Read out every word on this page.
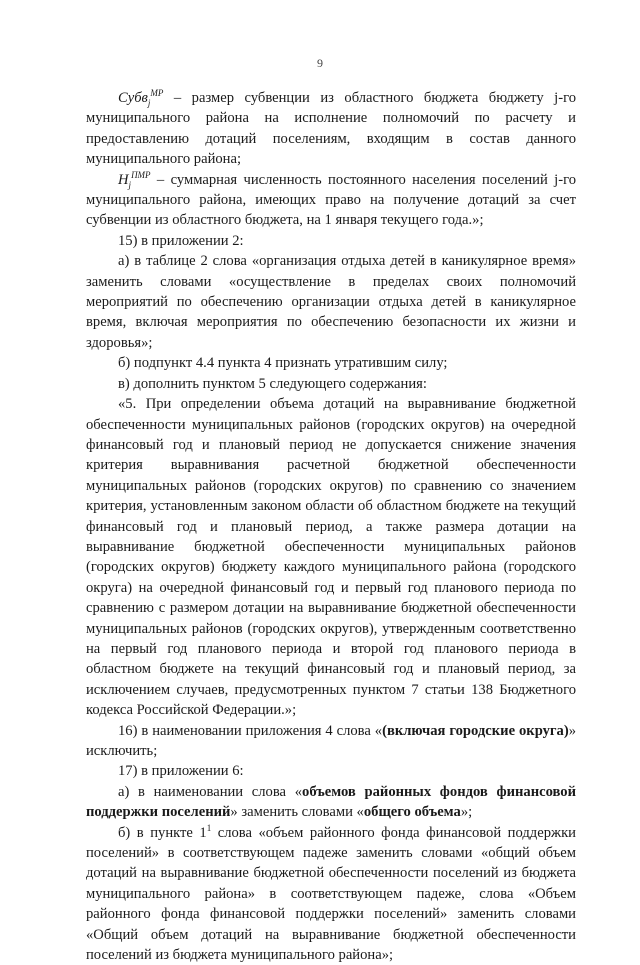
9

Субв$_j^{МР}$ – размер субвенции из областного бюджета бюджету j-го муниципального района на исполнение полномочий по расчету и предоставлению дотаций поселениям, входящим в состав данного муниципального района;

$Н_j^{ПМР}$ – суммарная численность постоянного населения поселений j-го муниципального района, имеющих право на получение дотаций за счет субвенции из областного бюджета, на 1 января текущего года.»;

15) в приложении 2:

а) в таблице 2 слова «организация отдыха детей в каникулярное время» заменить словами «осуществление в пределах своих полномочий мероприятий по обеспечению организации отдыха детей в каникулярное время, включая мероприятия по обеспечению безопасности их жизни и здоровья»;

б) подпункт 4.4 пункта 4 признать утратившим силу;

в) дополнить пунктом 5 следующего содержания:

«5. При определении объема дотаций на выравнивание бюджетной обеспеченности муниципальных районов (городских округов) на очередной финансовый год и плановый период не допускается снижение значения критерия выравнивания расчетной бюджетной обеспеченности муниципальных районов (городских округов) по сравнению со значением критерия, установленным законом области об областном бюджете на текущий финансовый год и плановый период, а также размера дотации на выравнивание бюджетной обеспеченности муниципальных районов (городских округов) бюджету каждого муниципального района (городского округа) на очередной финансовый год и первый год планового периода по сравнению с размером дотации на выравнивание бюджетной обеспеченности муниципальных районов (городских округов), утвержденным соответственно на первый год планового периода и второй год планового периода в областном бюджете на текущий финансовый год и плановый период, за исключением случаев, предусмотренных пунктом 7 статьи 138 Бюджетного кодекса Российской Федерации.»;

16) в наименовании приложения 4 слова «(включая городские округа)» исключить;

17) в приложении 6:

а) в наименовании слова «объемов районных фондов финансовой поддержки поселений» заменить словами «общего объема»;

б) в пункте $1^1$ слова «объем районного фонда финансовой поддержки поселений» в соответствующем падеже заменить словами «общий объем дотаций на выравнивание бюджетной обеспеченности поселений из бюджета муниципального района» в соответствующем падеже, слова «Объем районного фонда финансовой поддержки поселений» заменить словами «Общий объем дотаций на выравнивание бюджетной обеспеченности поселений из бюджета муниципального района»;
